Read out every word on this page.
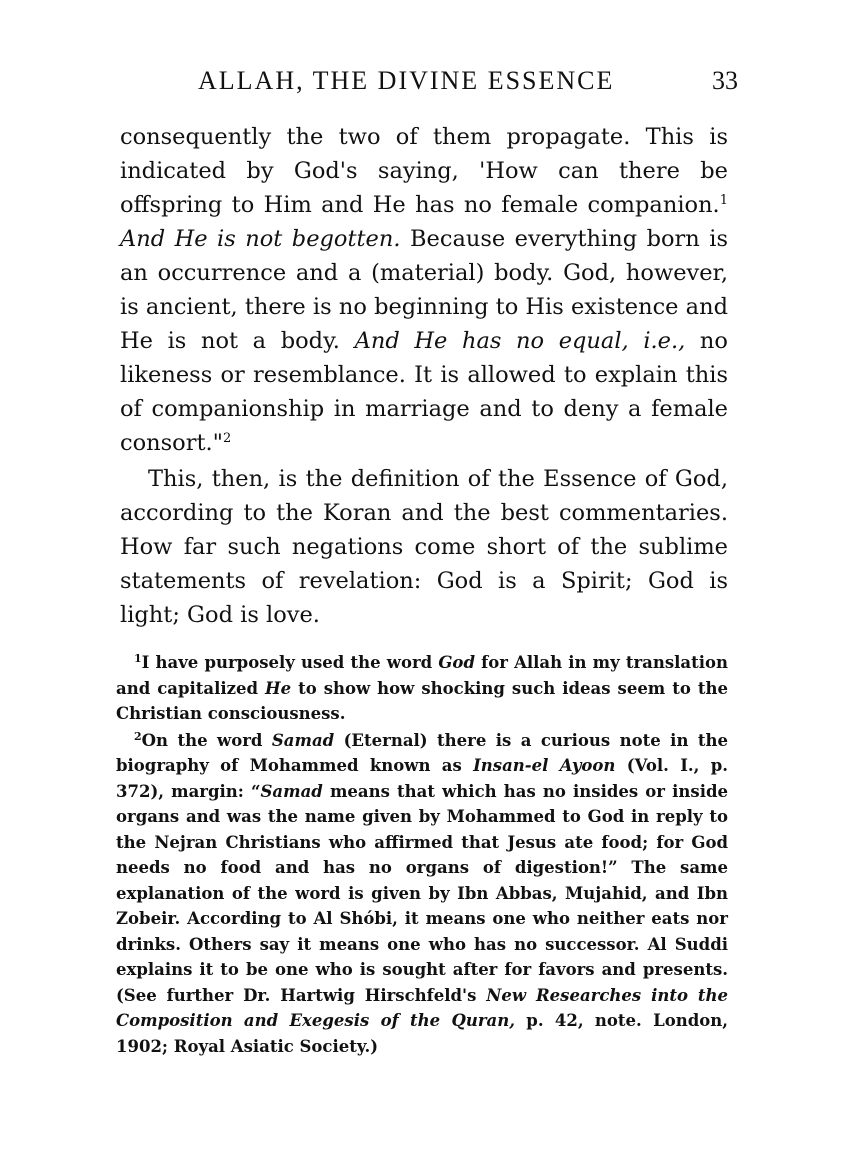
ALLAH, THE DIVINE ESSENCE	33

consequently the two of them propagate. This is indicated by God's saying, 'How can there be offspring to Him and He has no female companion.$^1$ And He is not begotten. Because everything born is an occurrence and a (material) body. God, however, is ancient, there is no beginning to His existence and He is not a body. And He has no equal, i.e., no likeness or resemblance. It is allowed to explain this of companionship in marriage and to deny a female consort."$^2$

This, then, is the definition of the Essence of God, according to the Koran and the best commentaries. How far such negations come short of the sublime statements of revelation: God is a Spirit; God is light; God is love.

$^1$I have purposely used the word God for Allah in my translation and capitalized He to show how shocking such ideas seem to the Christian consciousness.

$^2$On the word Samad (Eternal) there is a curious note in the biography of Mohammed known as Insan-el Ayoon (Vol. I., p. 372), margin: “Samad means that which has no insides or inside organs and was the name given by Mohammed to God in reply to the Nejran Christians who affirmed that Jesus ate food; for God needs no food and has no organs of digestion!” The same explanation of the word is given by Ibn Abbas, Mujahid, and Ibn Zobeir. According to Al Shóbi, it means one who neither eats nor drinks. Others say it means one who has no successor. Al Suddi explains it to be one who is sought after for favors and presents. (See further Dr. Hartwig Hirschfeld's New Researches into the Composition and Exegesis of the Quran, p. 42, note. London, 1902; Royal Asiatic Society.)
